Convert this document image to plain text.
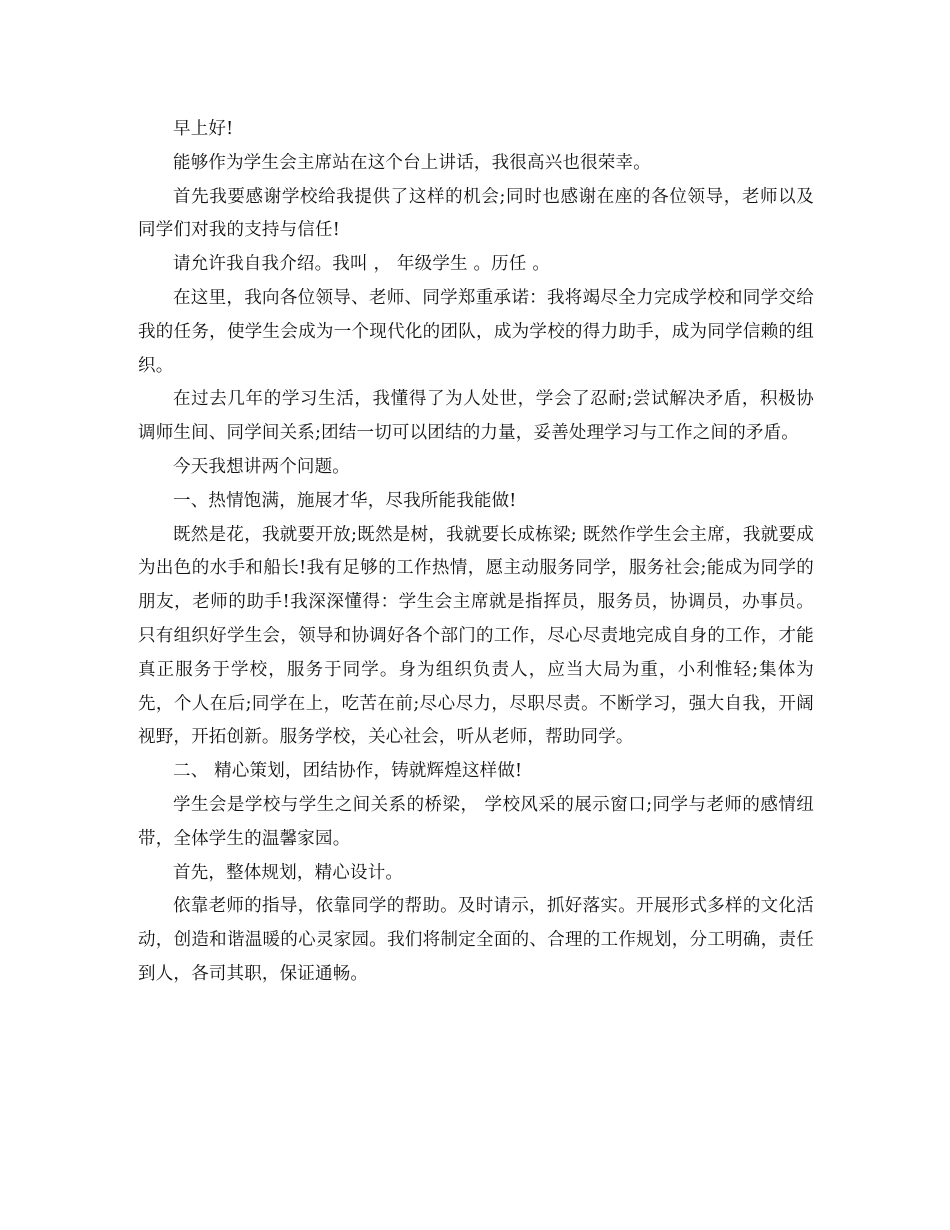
早上好!

能够作为学生会主席站在这个台上讲话，我很高兴也很荣幸。

首先我要感谢学校给我提供了这样的机会;同时也感谢在座的各位领导，老师以及同学们对我的支持与信任!

请允许我自我介绍。我叫 ， 年级学生 。历任 。

在这里，我向各位领导、老师、同学郑重承诺：我将竭尽全力完成学校和同学交给我的任务，使学生会成为一个现代化的团队，成为学校的得力助手，成为同学信赖的组织。

在过去几年的学习生活，我懂得了为人处世，学会了忍耐;尝试解决矛盾，积极协调师生间、同学间关系;团结一切可以团结的力量，妥善处理学习与工作之间的矛盾。

今天我想讲两个问题。

一、热情饱满，施展才华，尽我所能我能做!

既然是花，我就要开放;既然是树，我就要长成栋梁; 既然作学生会主席，我就要成为出色的水手和船长!我有足够的工作热情，愿主动服务同学，服务社会;能成为同学的朋友，老师的助手!我深深懂得：学生会主席就是指挥员，服务员，协调员，办事员。只有组织好学生会，领导和协调好各个部门的工作，尽心尽责地完成自身的工作，才能真正服务于学校，服务于同学。身为组织负责人，应当大局为重，小利惟轻;集体为先，个人在后;同学在上，吃苦在前;尽心尽力，尽职尽责。不断学习，强大自我，开阔视野，开拓创新。服务学校，关心社会，听从老师，帮助同学。

二、 精心策划，团结协作，铸就辉煌这样做!

学生会是学校与学生之间关系的桥梁， 学校风采的展示窗口;同学与老师的感情纽带，全体学生的温馨家园。

首先，整体规划，精心设计。

依靠老师的指导，依靠同学的帮助。及时请示，抓好落实。开展形式多样的文化活动，创造和谐温暖的心灵家园。我们将制定全面的、合理的工作规划，分工明确，责任到人，各司其职，保证通畅。
